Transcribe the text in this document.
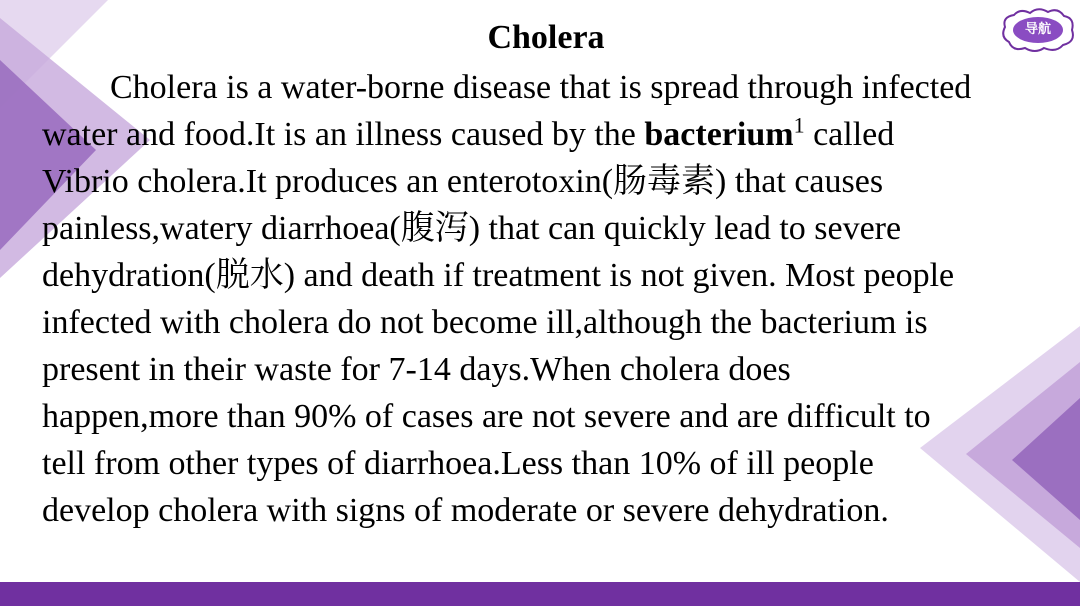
Cholera	导航
Cholera is a water-borne disease that is spread through infected
water and food.It is an illness caused by the bacterium$^1$ called
Vibrio cholera.It produces an enterotoxin(肠毒素) that causes
painless,watery diarrhoea(腹泻) that can quickly lead to severe
dehydration(脱水) and death if treatment is not given. Most people
infected with cholera do not become ill,although the bacterium is
present in their waste for 7-14 days.When cholera does
happen,more than 90% of cases are not severe and are difficult to
tell from other types of diarrhoea.Less than 10% of ill people
develop cholera with signs of moderate or severe dehydration.
